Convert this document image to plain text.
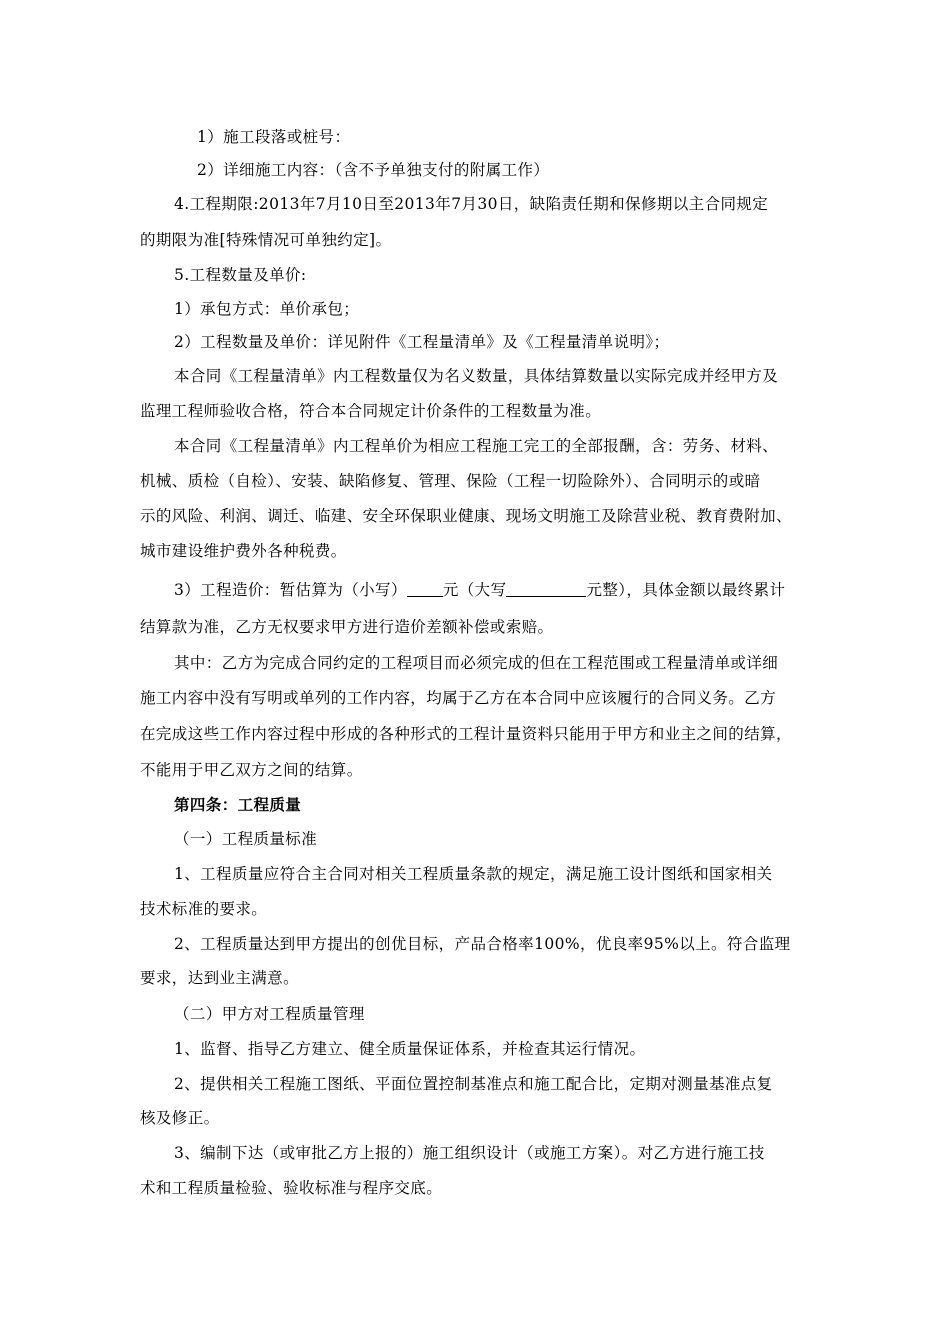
1）施工段落或桩号：
2）详细施工内容：（含不予单独支付的附属工作）
4.工程期限:2013年7月10日至2013年7月30日，缺陷责任期和保修期以主合同规定
的期限为准[特殊情况可单独约定]。
5.工程数量及单价:
1）承包方式：单价承包；
2）工程数量及单价：详见附件《工程量清单》及《工程量清单说明》；
本合同《工程量清单》内工程数量仅为名义数量，具体结算数量以实际完成并经甲方及
监理工程师验收合格，符合本合同规定计价条件的工程数量为准。
本合同《工程量清单》内工程单价为相应工程施工完工的全部报酬，含：劳务、材料、
机械、质检（自检）、安装、缺陷修复、管理、保险（工程一切险除外）、合同明示的或暗
示的风险、利润、调迁、临建、安全环保职业健康、现场文明施工及除营业税、教育费附加、
城市建设维护费外各种税费。
3）工程造价：暂估算为（小写） 元（大写	元整），具体金额以最终累计
结算款为准，乙方无权要求甲方进行造价差额补偿或索赔。
其中：乙方为完成合同约定的工程项目而必须完成的但在工程范围或工程量清单或详细
施工内容中没有写明或单列的工作内容，均属于乙方在本合同中应该履行的合同义务。乙方
在完成这些工作内容过程中形成的各种形式的工程计量资料只能用于甲方和业主之间的结算，
不能用于甲乙双方之间的结算。
第四条：工程质量
（一）工程质量标准
1、工程质量应符合主合同对相关工程质量条款的规定，满足施工设计图纸和国家相关
技术标准的要求。
2、工程质量达到甲方提出的创优目标，产品合格率100%，优良率95%以上。符合监理
要求，达到业主满意。
（二）甲方对工程质量管理
1、监督、指导乙方建立、健全质量保证体系，并检查其运行情况。
2、提供相关工程施工图纸、平面位置控制基准点和施工配合比，定期对测量基准点复
核及修正。
3、编制下达（或审批乙方上报的）施工组织设计（或施工方案）。对乙方进行施工技
术和工程质量检验、验收标准与程序交底。
